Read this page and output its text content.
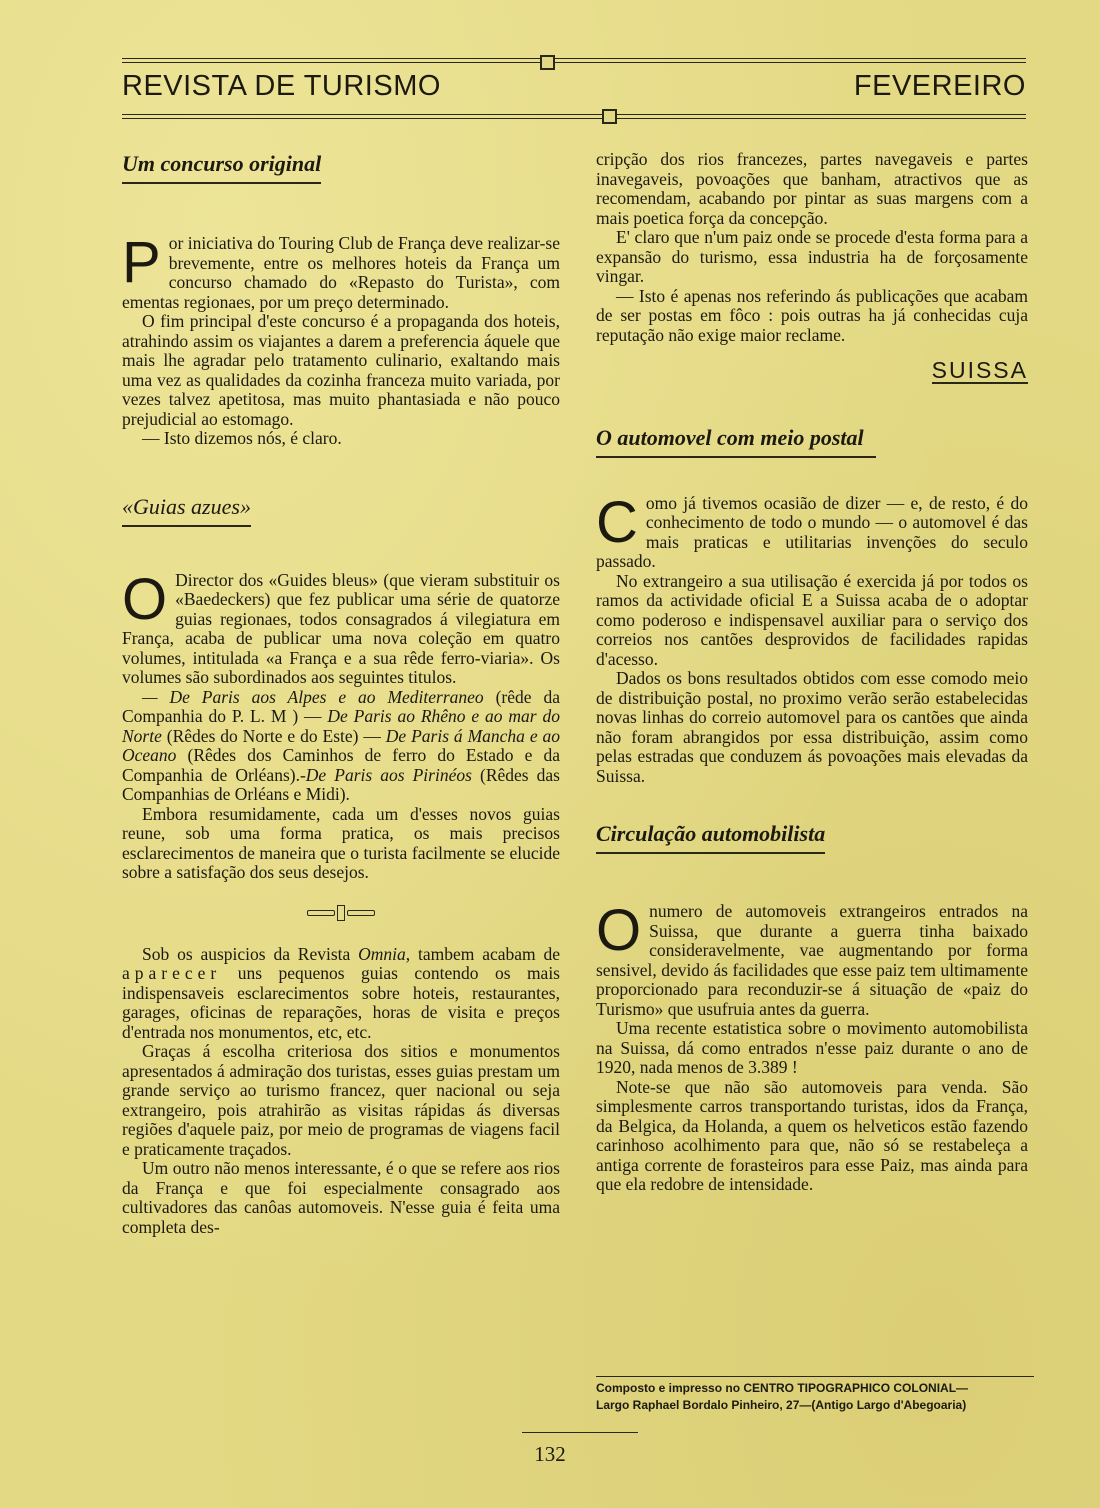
REVISTA DE TURISMO	FEVEREIRO
Um concurso original

Por iniciativa do Touring Club de França deve realizar-se brevemente, entre os melhores hoteis da França um concurso chamado do «Repasto do Turista», com ementas regionaes, por um preço determinado.

O fim principal d'este concurso é a propaganda dos hoteis, atrahindo assim os viajantes a darem a preferencia áquele que mais lhe agradar pelo tratamento culinario, exaltando mais uma vez as qualidades da cozinha franceza muito variada, por vezes talvez apetitosa, mas muito phantasiada e não pouco prejudicial ao estomago.

— Isto dizemos nós, é claro.

«Guias azues»

O Director dos «Guides bleus» (que vieram substituir os «Baedeckers) que fez publicar uma série de quatorze guias regionaes, todos consagrados á vilegiatura em França, acaba de publicar uma nova coleção em quatro volumes, intitulada «a França e a sua rêde ferro-viaria». Os volumes são subordinados aos seguintes titulos.

— De Paris aos Alpes e ao Mediterraneo (rêde da Companhia do P. L. M ) — De Paris ao Rhêno e ao mar do Norte (Rêdes do Norte e do Este) — De Paris á Mancha e ao Oceano (Rêdes dos Caminhos de ferro do Estado e da Companhia de Orléans).-De Paris aos Pirinéos (Rêdes das Companhias de Orléans e Midi).

Embora resumidamente, cada um d'esses novos guias reune, sob uma forma pratica, os mais precisos esclarecimentos de maneira que o turista facilmente se elucide sobre a satisfação dos seus desejos.

Sob os auspicios da Revista Omnia, tambem acabam de aparecer uns pequenos guias contendo os mais indispensaveis esclarecimentos sobre hoteis, restaurantes, garages, oficinas de reparações, horas de visita e preços d'entrada nos monumentos, etc, etc.

Graças á escolha criteriosa dos sitios e monumentos apresentados á admiração dos turistas, esses guias prestam um grande serviço ao turismo francez, quer nacional ou seja extrangeiro, pois atrahirão as visitas rápidas ás diversas regiões d'aquele paiz, por meio de programas de viagens facil e praticamente traçados.

Um outro não menos interessante, é o que se refere aos rios da França e que foi especialmente consagrado aos cultivadores das canôas automoveis. N'esse guia é feita uma completa des-

cripção dos rios francezes, partes navegaveis e partes inavegaveis, povoações que banham, atractivos que as recomendam, acabando por pintar as suas margens com a mais poetica força da concepção.

E' claro que n'um paiz onde se procede d'esta forma para a expansão do turismo, essa industria ha de forçosamente vingar.

— Isto é apenas nos referindo ás publicações que acabam de ser postas em fôco : pois outras ha já conhecidas cuja reputação não exige maior reclame.

SUISSA
O automovel com meio postal

Como já tivemos ocasião de dizer — e, de resto, é do conhecimento de todo o mundo — o automovel é das mais praticas e utilitarias invenções do seculo passado.

No extrangeiro a sua utilisação é exercida já por todos os ramos da actividade oficial E a Suissa acaba de o adoptar como poderoso e indispensavel auxiliar para o serviço dos correios nos cantões desprovidos de facilidades rapidas d'acesso.

Dados os bons resultados obtidos com esse comodo meio de distribuição postal, no proximo verão serão estabelecidas novas linhas do correio automovel para os cantões que ainda não foram abrangidos por essa distribuição, assim como pelas estradas que conduzem ás povoações mais elevadas da Suissa.

Circulação automobilista

Onumero de automoveis extrangeiros entrados na Suissa, que durante a guerra tinha baixado consideravelmente, vae augmentando por forma sensivel, devido ás facilidades que esse paiz tem ultimamente proporcionado para reconduzir-se á situação de «paiz do Turismo» que usufruia antes da guerra.

Uma recente estatistica sobre o movimento automobilista na Suissa, dá como entrados n'esse paiz durante o ano de 1920, nada menos de 3.389 !

Note-se que não são automoveis para venda. São simplesmente carros transportando turistas, idos da França, da Belgica, da Holanda, a quem os helveticos estão fazendo carinhoso acolhimento para que, não só se restabeleça a antiga corrente de forasteiros para esse Paiz, mas ainda para que ela redobre de intensidade.

Composto e impresso no CENTRO TIPOGRAPHICO COLONIAL—
Largo Raphael Bordalo Pinheiro, 27—(Antigo Largo d'Abegoaria)
132
